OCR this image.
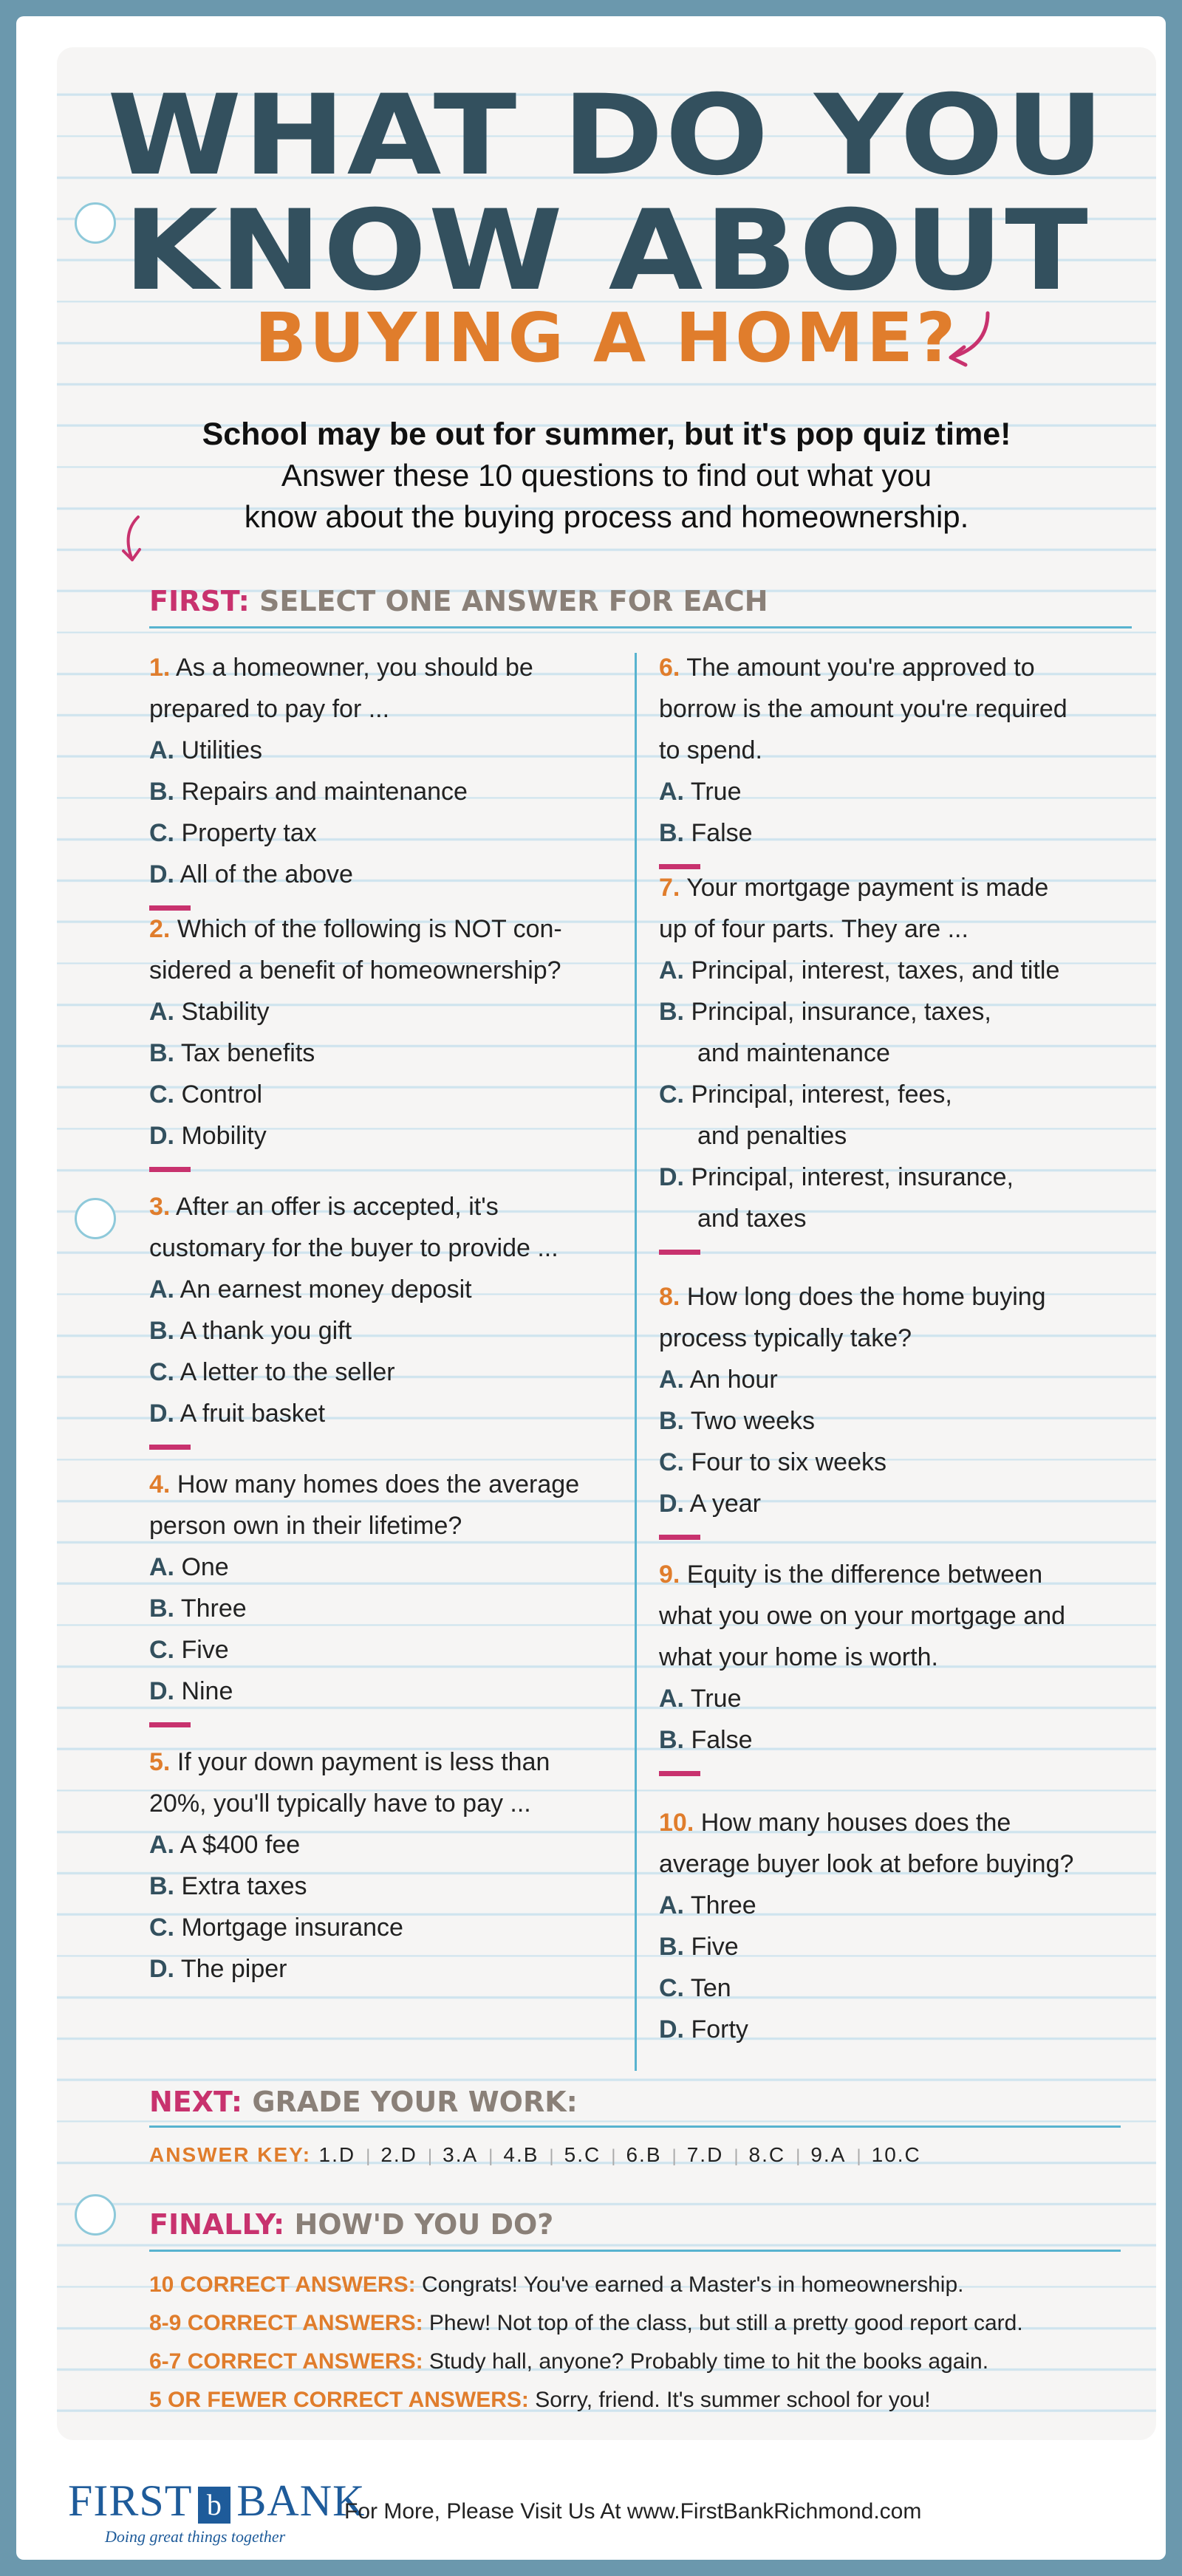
WHAT DO YOU
KNOW ABOUT
BUYING A HOME?
School may be out for summer, but it's pop quiz time!
Answer these 10 questions to find out what you
know about the buying process and homeownership.
FIRST: SELECT ONE ANSWER FOR EACH
1. As a homeowner, you should be
prepared to pay for ...
A. Utilities
B. Repairs and maintenance
C. Property tax
D. All of the above
2. Which of the following is NOT con-
sidered a benefit of homeownership?
A. Stability
B. Tax benefits
C. Control
D. Mobility
3. After an offer is accepted, it's
customary for the buyer to provide ...
A. An earnest money deposit
B. A thank you gift
C. A letter to the seller
D. A fruit basket
4. How many homes does the average
person own in their lifetime?
A. One
B. Three
C. Five
D. Nine
5. If your down payment is less than
20%, you'll typically have to pay ...
A. A $400 fee
B. Extra taxes
C. Mortgage insurance
D. The piper
6. The amount you're approved to
borrow is the amount you're required
to spend.
A. True
B. False
7. Your mortgage payment is made
up of four parts. They are ...
A. Principal, interest, taxes, and title
B. Principal, insurance, taxes,
and maintenance
C. Principal, interest, fees,
and penalties
D. Principal, interest, insurance,
and taxes
8. How long does the home buying
process typically take?
A. An hour
B. Two weeks
C. Four to six weeks
D. A year
9. Equity is the difference between
what you owe on your mortgage and
what your home is worth.
A. True
B. False
10. How many houses does the
average buyer look at before buying?
A. Three
B. Five
C. Ten
D. Forty
NEXT: GRADE YOUR WORK:
ANSWER KEY: 1.D | 2.D | 3.A | 4.B | 5.C | 6.B | 7.D | 8.C | 9.A | 10.C
FINALLY: HOW'D YOU DO?
10 CORRECT ANSWERS: Congrats! You've earned a Master's in homeownership.
8-9 CORRECT ANSWERS: Phew! Not top of the class, but still a pretty good report card.
6-7 CORRECT ANSWERS: Study hall, anyone? Probably time to hit the books again.
5 OR FEWER CORRECT ANSWERS: Sorry, friend. It's summer school for you!
FIRST b BANK
Doing great things together
For More, Please Visit Us At www.FirstBankRichmond.com
